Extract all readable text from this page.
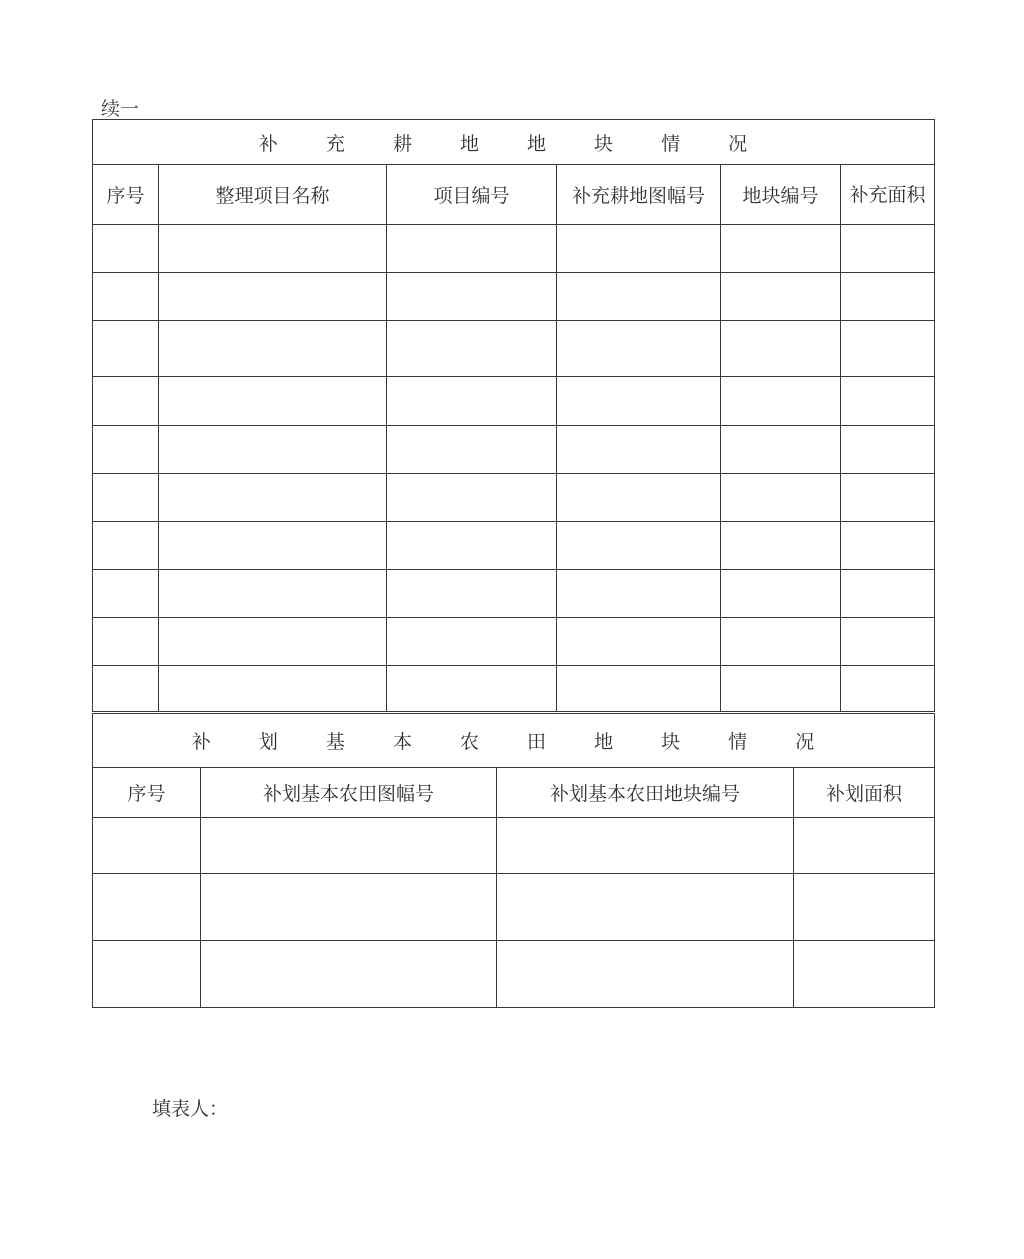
续一
补 充 耕 地 地 块 情 况					
序号	整理项目名称	项目编号	补充耕地图幅号	地块编号	补充面积

补 划 基 本 农 田 地 块 情 况			
序号	补划基本农田图幅号	补划基本农田地块编号	补划面积

填表人：
